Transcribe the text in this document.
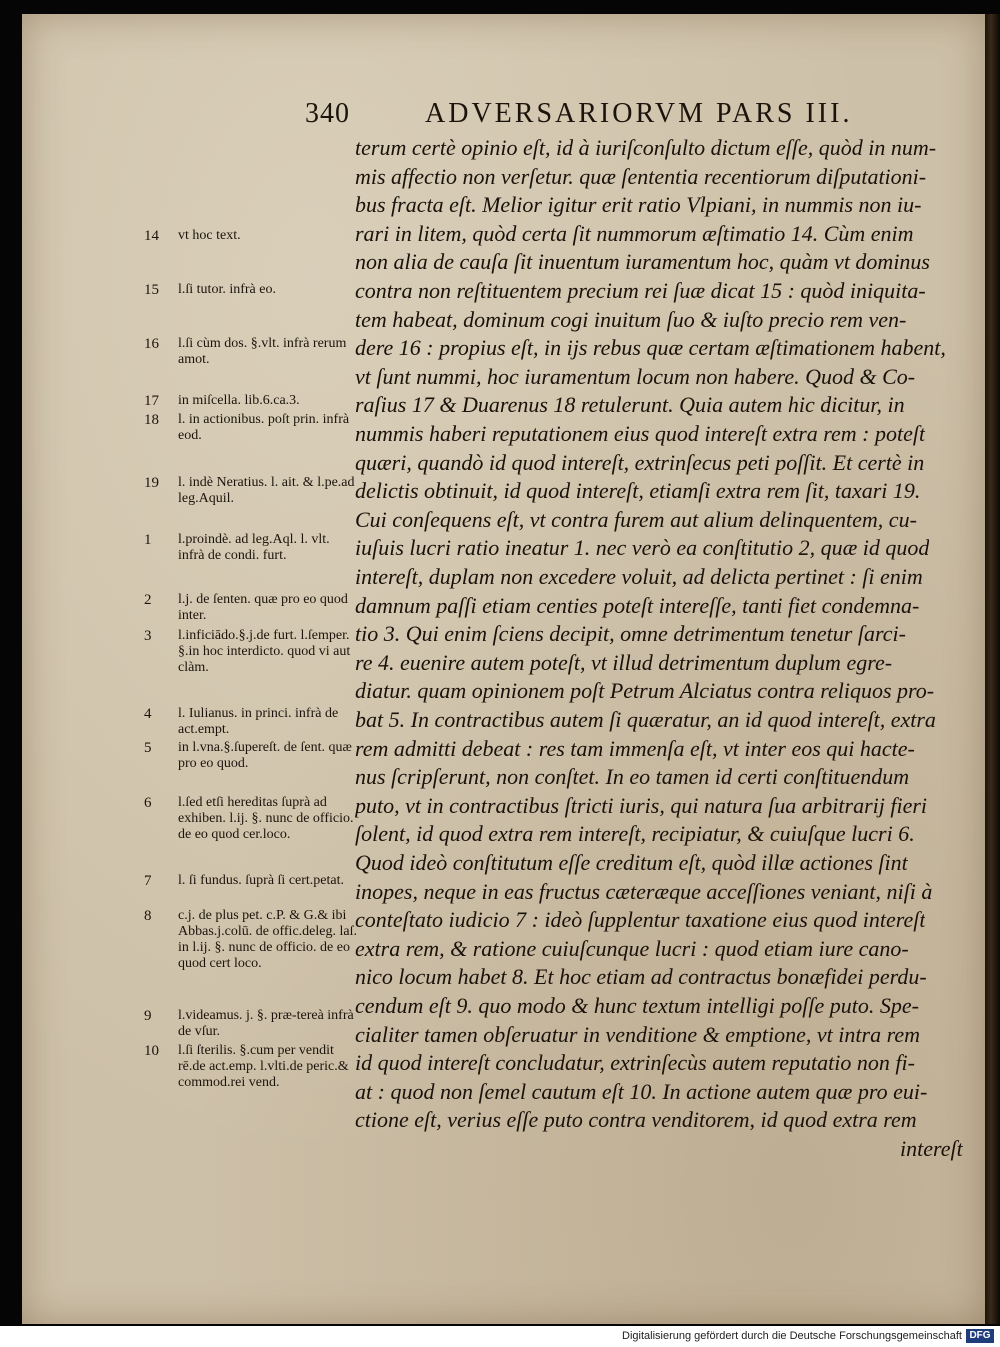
340	ADVERSARIORVM PARS III.
terum certè opinio eſt, id à iuriſconſulto dictum eſſe, quòd in num-
mis affectio non verſetur. quæ ſententia recentiorum diſputationi-
bus fracta eſt. Melior igitur erit ratio Vlpiani, in nummis non iu-
rari in litem, quòd certa ſit nummorum æſtimatio 14. Cùm enim
non alia de cauſa ſit inuentum iuramentum hoc, quàm vt dominus
contra non reſtituentem precium rei ſuæ dicat 15 : quòd iniquita-
tem habeat, dominum cogi inuitum ſuo & iuſto precio rem ven-
dere 16 : propius eſt, in ijs rebus quæ certam æſtimationem habent,
vt ſunt nummi, hoc iuramentum locum non habere. Quod & Co-
raſius 17 & Duarenus 18 retulerunt. Quia autem hic dicitur, in
nummis haberi reputationem eius quod intereſt extra rem : poteſt
quæri, quandò id quod intereſt, extrinſecus peti poſſit. Et certè in
delictis obtinuit, id quod intereſt, etiamſi extra rem ſit, taxari 19.
Cui conſequens eſt, vt contra furem aut alium delinquentem, cu-
iuſuis lucri ratio ineatur 1. nec verò ea conſtitutio 2, quæ id quod
intereſt, duplam non excedere voluit, ad delicta pertinet : ſi enim
damnum paſſi etiam centies poteſt intereſſe, tanti fiet condemna-
tio 3. Qui enim ſciens decipit, omne detrimentum tenetur ſarci-
re 4. euenire autem poteſt, vt illud detrimentum duplum egre-
diatur. quam opinionem poſt Petrum Alciatus contra reliquos pro-
bat 5. In contractibus autem ſi quæratur, an id quod intereſt, extra
rem admitti debeat : res tam immenſa eſt, vt inter eos qui hacte-
nus ſcripſerunt, non conſtet. In eo tamen id certi conſtituendum
puto, vt in contractibus ſtricti iuris, qui natura ſua arbitrarij fieri
ſolent, id quod extra rem intereſt, recipiatur, & cuiuſque lucri 6.
Quod ideò conſtitutum eſſe creditum eſt, quòd illæ actiones ſint
inopes, neque in eas fructus cæteræque acceſſiones veniant, niſi à
conteſtato iudicio 7 : ideò ſupplentur taxatione eius quod intereſt
extra rem, & ratione cuiuſcunque lucri : quod etiam iure cano-
nico locum habet 8. Et hoc etiam ad contractus bonæfidei perdu-
cendum eſt 9. quo modo & hunc textum intelligi poſſe puto. Spe-
cialiter tamen obſeruatur in venditione & emptione, vt intra rem
id quod intereſt concludatur, extrinſecùs autem reputatio non fi-
at : quod non ſemel cautum eſt 10. In actione autem quæ pro eui-
ctione eſt, verius eſſe puto contra venditorem, id quod extra rem
intereſt
14	vt hoc text.
15	l.ſi tutor. infrà eo.
16	l.ſi cùm dos. §.vlt. infrà rerum amot.
17	in miſcella. lib.6.ca.3.
18	l. in actionibus. poſt prin. infrà eod.
19	l. indè Neratius. l. ait. & l.pe.ad leg.Aquil.
1	l.proindè. ad leg.Aql. l. vlt. infrà de condi. furt.
2	l.j. de ſenten. quæ pro eo quod inter.
3	l.inficiādo.§.j.de furt. l.ſemper. §.in hoc interdicto. quod vi aut clàm.
4	l. Iulianus. in princi. infrà de act.empt.
5	in l.vna.§.ſupereſt. de ſent. quæ pro eo quod.
6	l.ſed etſi hereditas ſuprà ad exhiben. l.ij. §. nunc de officio. de eo quod cer.loco.
7	l. ſi fundus. ſuprà ſi cert.petat.
8	c.j. de plus pet. c.P. & G.& ibi Abbas.j.colū. de offic.deleg. laſ. in l.ij. §. nunc de officio. de eo quod cert loco.
9	l.videamus. j. §. præ-tereà infrà de vſur.
10	l.ſi ſterilis. §.cum per vendit rē.de act.emp. l.vlti.de peric.& commod.rei vend.
Digitalisierung gefördert durch die Deutsche Forschungsgemeinschaft DFG
